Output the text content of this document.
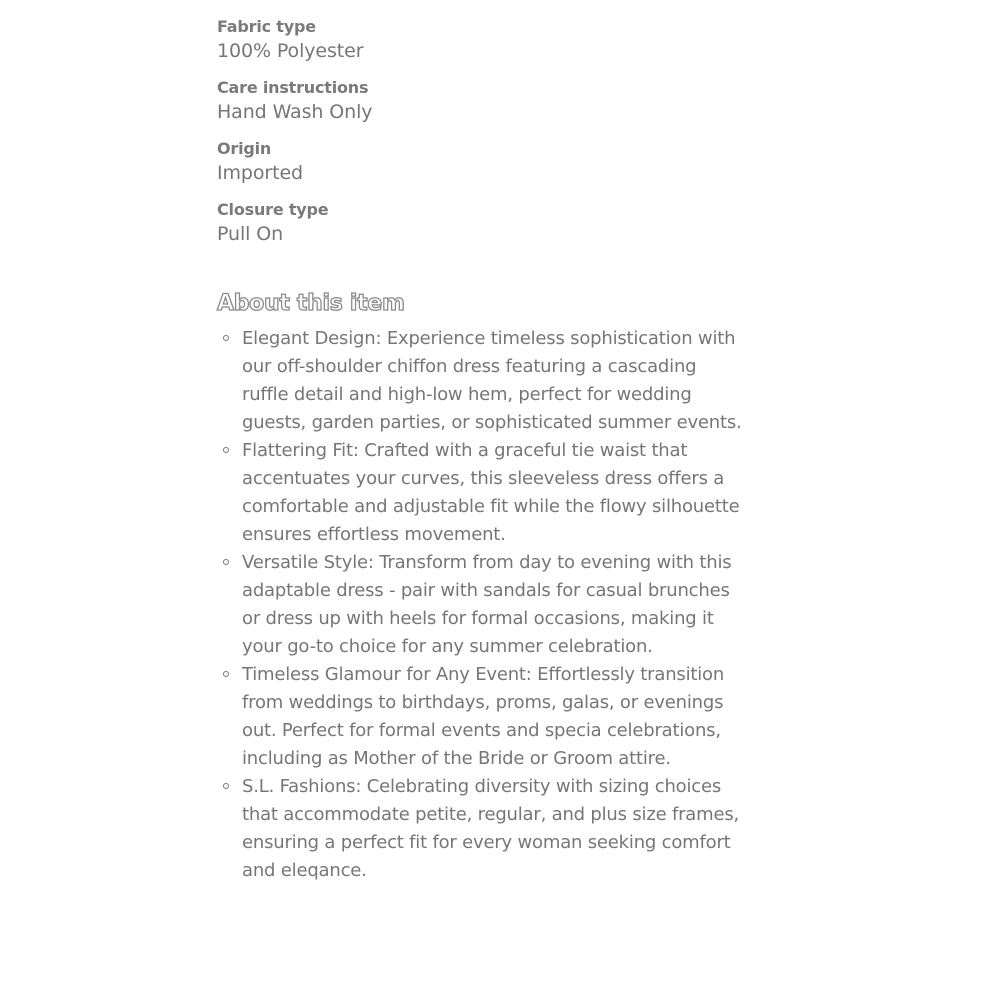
Fabric type
100% Polyester
Care instructions
Hand Wash Only
Origin
Imported
Closure type
Pull On
About this item
Elegant Design: Experience timeless sophistication with our off-shoulder chiffon dress featuring a cascading ruffle detail and high-low hem, perfect for wedding guests, garden parties, or sophisticated summer events.
Flattering Fit: Crafted with a graceful tie waist that accentuates your curves, this sleeveless dress offers a comfortable and adjustable fit while the flowy silhouette ensures effortless movement.
Versatile Style: Transform from day to evening with this adaptable dress - pair with sandals for casual brunches or dress up with heels for formal occasions, making it your go-to choice for any summer celebration.
Timeless Glamour for Any Event: Effortlessly transition from weddings to birthdays, proms, galas, or evenings out. Perfect for formal events and specia celebrations, including as Mother of the Bride or Groom attire.
S.L. Fashions: Celebrating diversity with sizing choices that accommodate petite, regular, and plus size frames, ensuring a perfect fit for every woman seeking comfort and eleqance.
